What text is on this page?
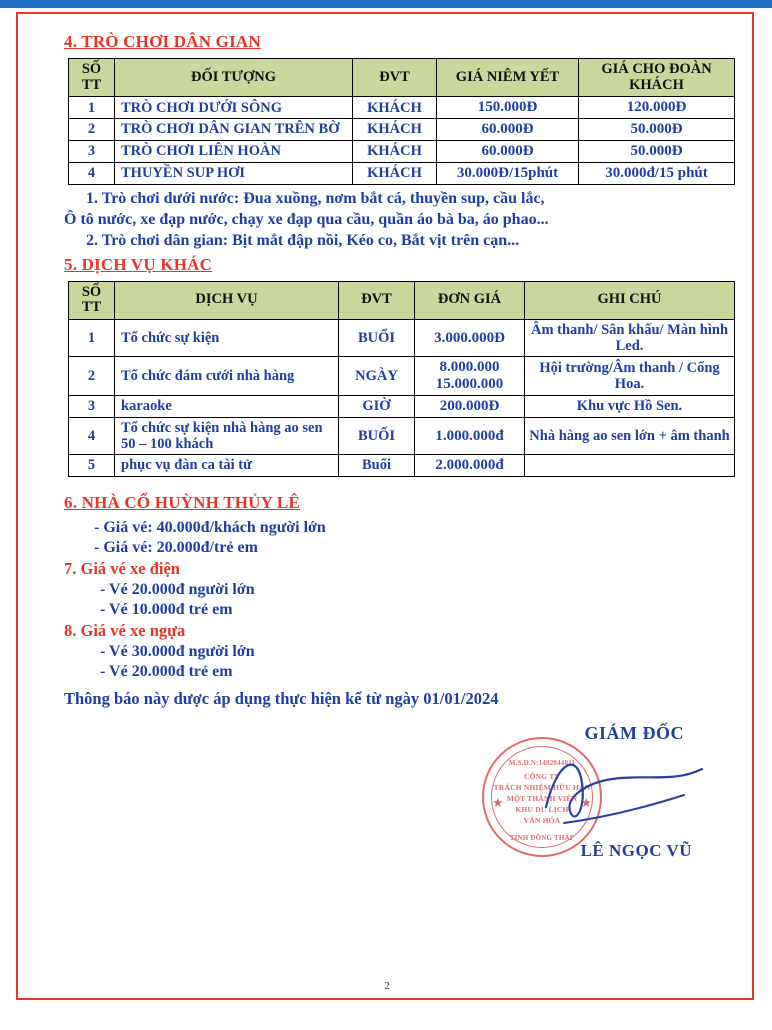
4. TRÒ CHƠI DÂN GIAN
SỐ TT	ĐỐI TƯỢNG	ĐVT	GIÁ NIÊM YẾT	GIÁ CHO ĐOÀN KHÁCH
1	TRÒ CHƠI DƯỚI SÔNG	KHÁCH	150.000Đ	120.000Đ
2	TRÒ CHƠI DÂN GIAN TRÊN BỜ	KHÁCH	60.000Đ	50.000Đ
3	TRÒ CHƠI LIÊN HOÀN	KHÁCH	60.000Đ	50.000Đ
4	THUYỀN SUP HƠI	KHÁCH	30.000Đ/15phút	30.000đ/15 phút
1. Trò chơi dưới nước: Đua xuồng, nơm bắt cá, thuyền sup, cầu lắc,
Ô tô nước, xe đạp nước, chạy xe đạp qua cầu, quần áo bà ba, áo phao...
2. Trò chơi dân gian: Bịt mắt đập nồi, Kéo co, Bắt vịt trên cạn...
5. DỊCH VỤ KHÁC
SỐ TT	DỊCH VỤ	ĐVT	ĐƠN GIÁ	GHI CHÚ
1	Tổ chức sự kiện	BUỔI	3.000.000Đ	Âm thanh/ Sân khấu/ Màn hình Led.
2	Tổ chức đám cưới nhà hàng	NGÀY	8.000.000 15.000.000	Hội trường/Âm thanh / Cổng Hoa.
3	karaoke	GIỜ	200.000Đ	Khu vực Hồ Sen.
4	Tổ chức sự kiện nhà hàng ao sen 50 – 100 khách	BUỔI	1.000.000đ	Nhà hàng ao sen lớn + âm thanh
5	phục vụ đàn ca tài tử	Buổi	2.000.000đ	
6. NHÀ CỔ HUỲNH THỦY LÊ
- Giá vé: 40.000đ/khách người lớn
- Giá vé: 20.000đ/trẻ em
7. Giá vé xe điện
- Vé 20.000đ người lớn
- Vé 10.000đ trẻ em
8. Giá vé xe ngựa
- Vé 30.000đ người lớn
- Vé 20.000đ trẻ em
Thông báo này dược áp dụng thực hiện kể từ ngày 01/01/2024
GIÁM ĐỐC
★	★
M.S.D.N:1402044011
CÔNG TY
TRÁCH NHIỆM HỮU HẠN
MỘT THÀNH VIÊN
KHU DU LỊCH
VĂN HÓA
TỈNH ĐỒNG THÁP
LÊ NGỌC VŨ
2
